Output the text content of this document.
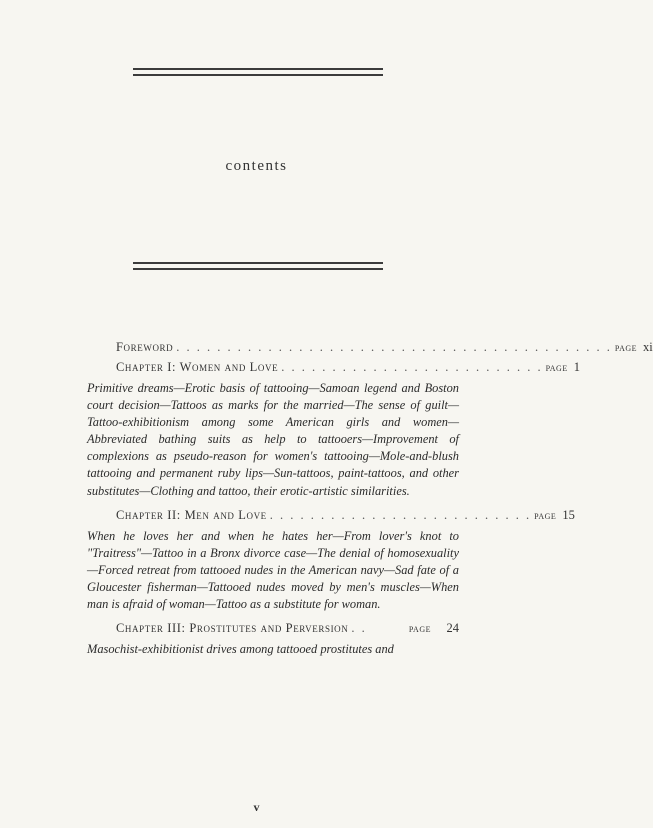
contents
Foreword . . . . . . . . . . . . . . . . . . . . . . . . . . . . . . . . . . . . . . . . . . . page xi
Chapter I: Women and Love . . . . . . . . . . . . . . . . . . . . . . . . . . page 1

Primitive dreams—Erotic basis of tattooing—Samoan legend and Boston court decision—Tattoos as marks for the married—The sense of guilt—Tattoo-exhibitionism among some American girls and women—Abbreviated bathing suits as help to tattooers—Improvement of complexions as pseudo-reason for women's tattooing—Mole-and-blush tattooing and permanent ruby lips—Sun-tattoos, paint-tattoos, and other substitutes—Clothing and tattoo, their erotic-artistic similarities.

Chapter II: Men and Love . . . . . . . . . . . . . . . . . . . . . . . . . . page 15

When he loves her and when he hates her—From lover's knot to "Traitress"—Tattoo in a Bronx divorce case—The denial of homosexuality—Forced retreat from tattooed nudes in the American navy—Sad fate of a Gloucester fisherman—Tattooed nudes moved by men's muscles—When man is afraid of woman—Tattoo as a substitute for woman.

Chapter III: Prostitutes and Perversion . .	page	24

Masochist-exhibitionist drives among tattooed prostitutes and

v
